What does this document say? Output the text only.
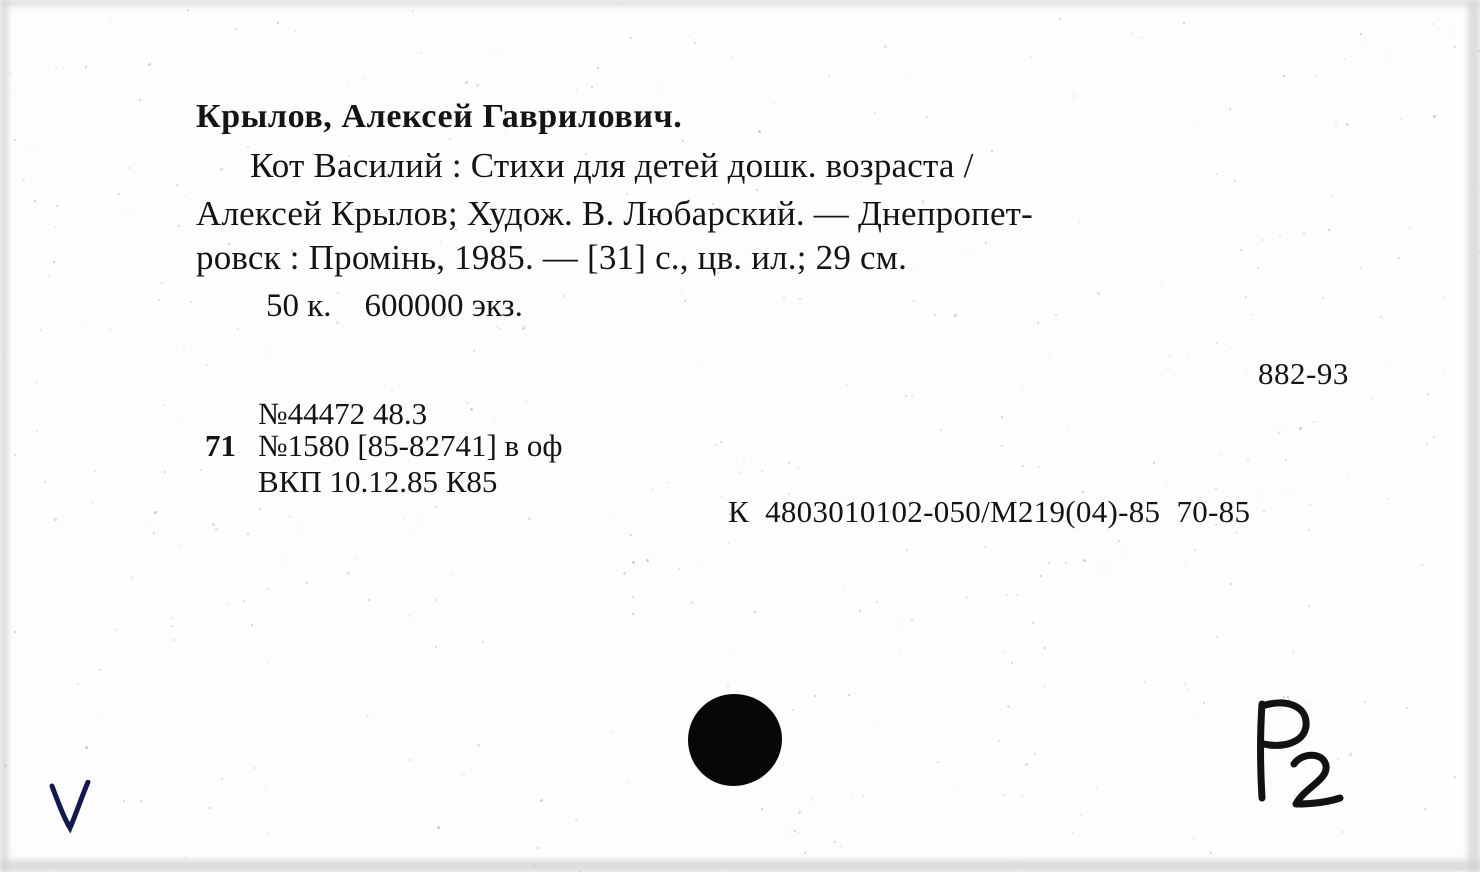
Крылов, Алексей Гаврилович.
Кот Василий : Стихи для детей дошк. возраста /
Алексей Крылов; Худож. В. Любарский. — Днепропет-
ровск : Промінь, 1985. — [31] с., цв. ил.; 29 см.
50 к.    600000 экз.
882-93
№44472 48.3
71 №1580 [85-82741] в оф
ВКП 10.12.85 К85
К  4803010102-050/М219(04)-85  70-85
